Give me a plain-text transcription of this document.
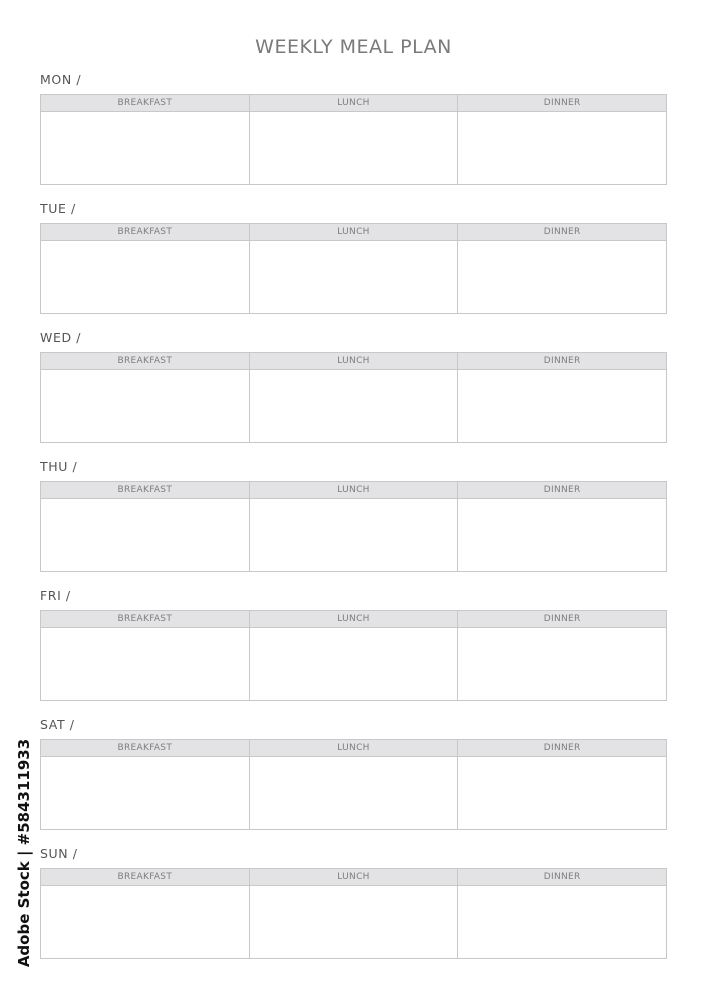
WEEKLY MEAL PLAN
MON /
BREAKFAST	LUNCH	DINNER
TUE /
BREAKFAST	LUNCH	DINNER
WED /
BREAKFAST	LUNCH	DINNER
THU /
BREAKFAST	LUNCH	DINNER
FRI /
BREAKFAST	LUNCH	DINNER
SAT /
BREAKFAST	LUNCH	DINNER
SUN /
BREAKFAST	LUNCH	DINNER
Adobe Stock | #584311933
